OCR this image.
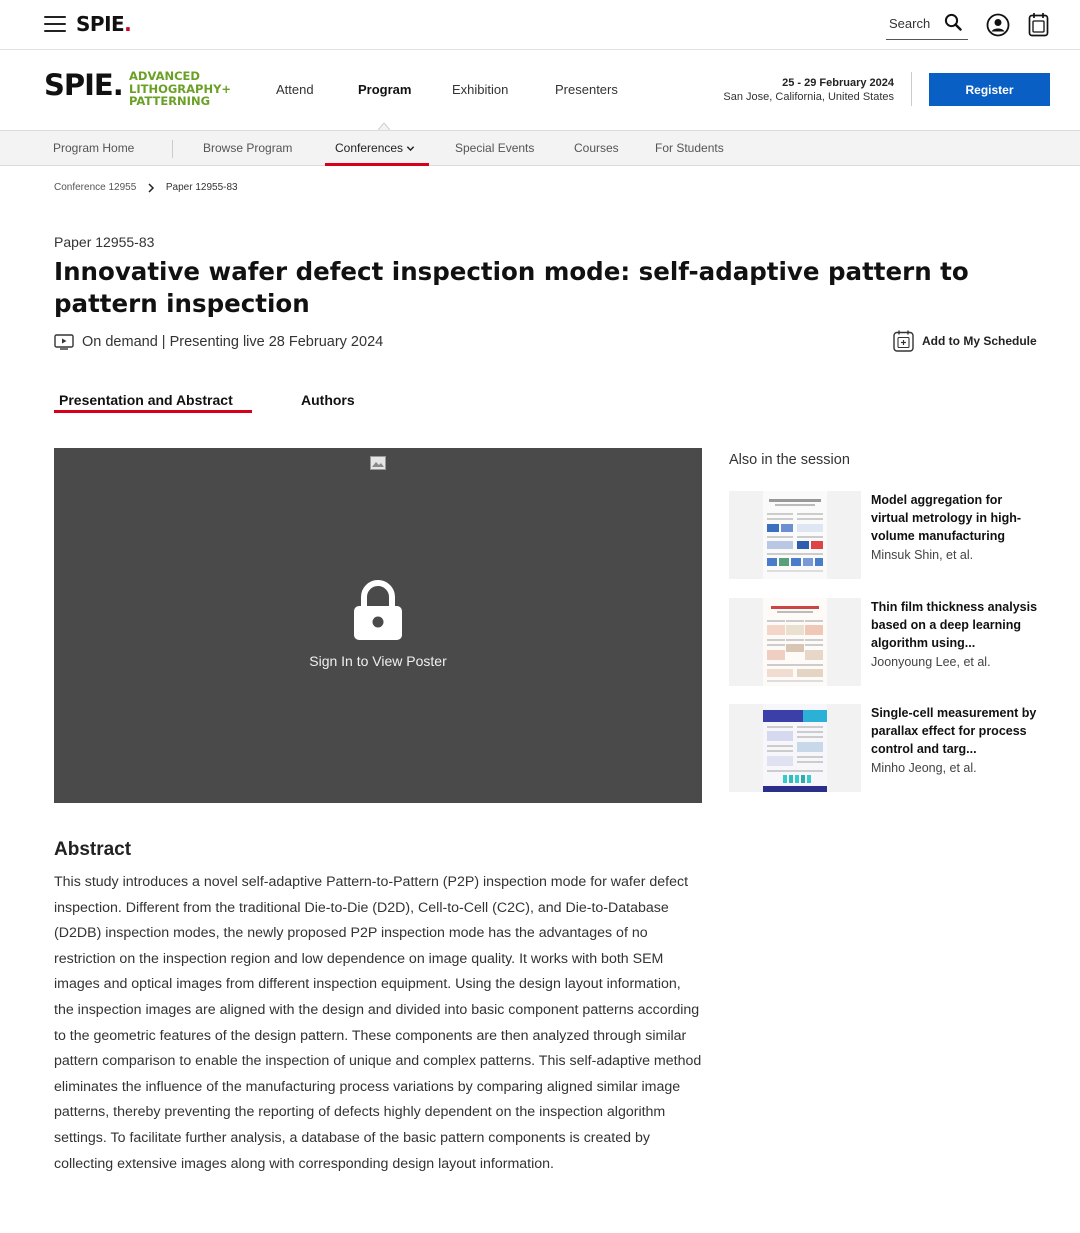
SPIE.	Search
SPIE. ADVANCED
LITHOGRAPHY+
PATTERNING
Attend	Program	Exhibition	Presenters	25 - 29 February 2024
San Jose, California, United States
Register
Program Home	Browse Program	Conferences	Special Events	Courses	For Students
Conference 12955	Paper 12955-83
Paper 12955-83
Innovative wafer defect inspection mode: self-adaptive pattern to pattern inspection
On demand | Presenting live 28 February 2024	Add to My Schedule
Presentation and Abstract	Authors
Sign In to View Poster
Abstract

This study introduces a novel self-adaptive Pattern-to-Pattern (P2P) inspection mode for wafer defect inspection. Different from the traditional Die-to-Die (D2D), Cell-to-Cell (C2C), and Die-to-Database (D2DB) inspection modes, the newly proposed P2P inspection mode has the advantages of no restriction on the inspection region and low dependence on image quality. It works with both SEM images and optical images from different inspection equipment. Using the design layout information, the inspection images are aligned with the design and divided into basic component patterns according to the geometric features of the design pattern. These components are then analyzed through similar pattern comparison to enable the inspection of unique and complex patterns. This self-adaptive method eliminates the influence of the manufacturing process variations by comparing aligned similar image patterns, thereby preventing the reporting of defects highly dependent on the inspection algorithm settings. To facilitate further analysis, a database of the basic pattern components is created by collecting extensive images along with corresponding design layout information.

Also in the session
Model aggregation for virtual metrology in high-volume manufacturing
Minsuk Shin, et al.
Thin film thickness analysis based on a deep learning algorithm using...
Joonyoung Lee, et al.
Single-cell measurement by parallax effect for process control and targ...
Minho Jeong, et al.
